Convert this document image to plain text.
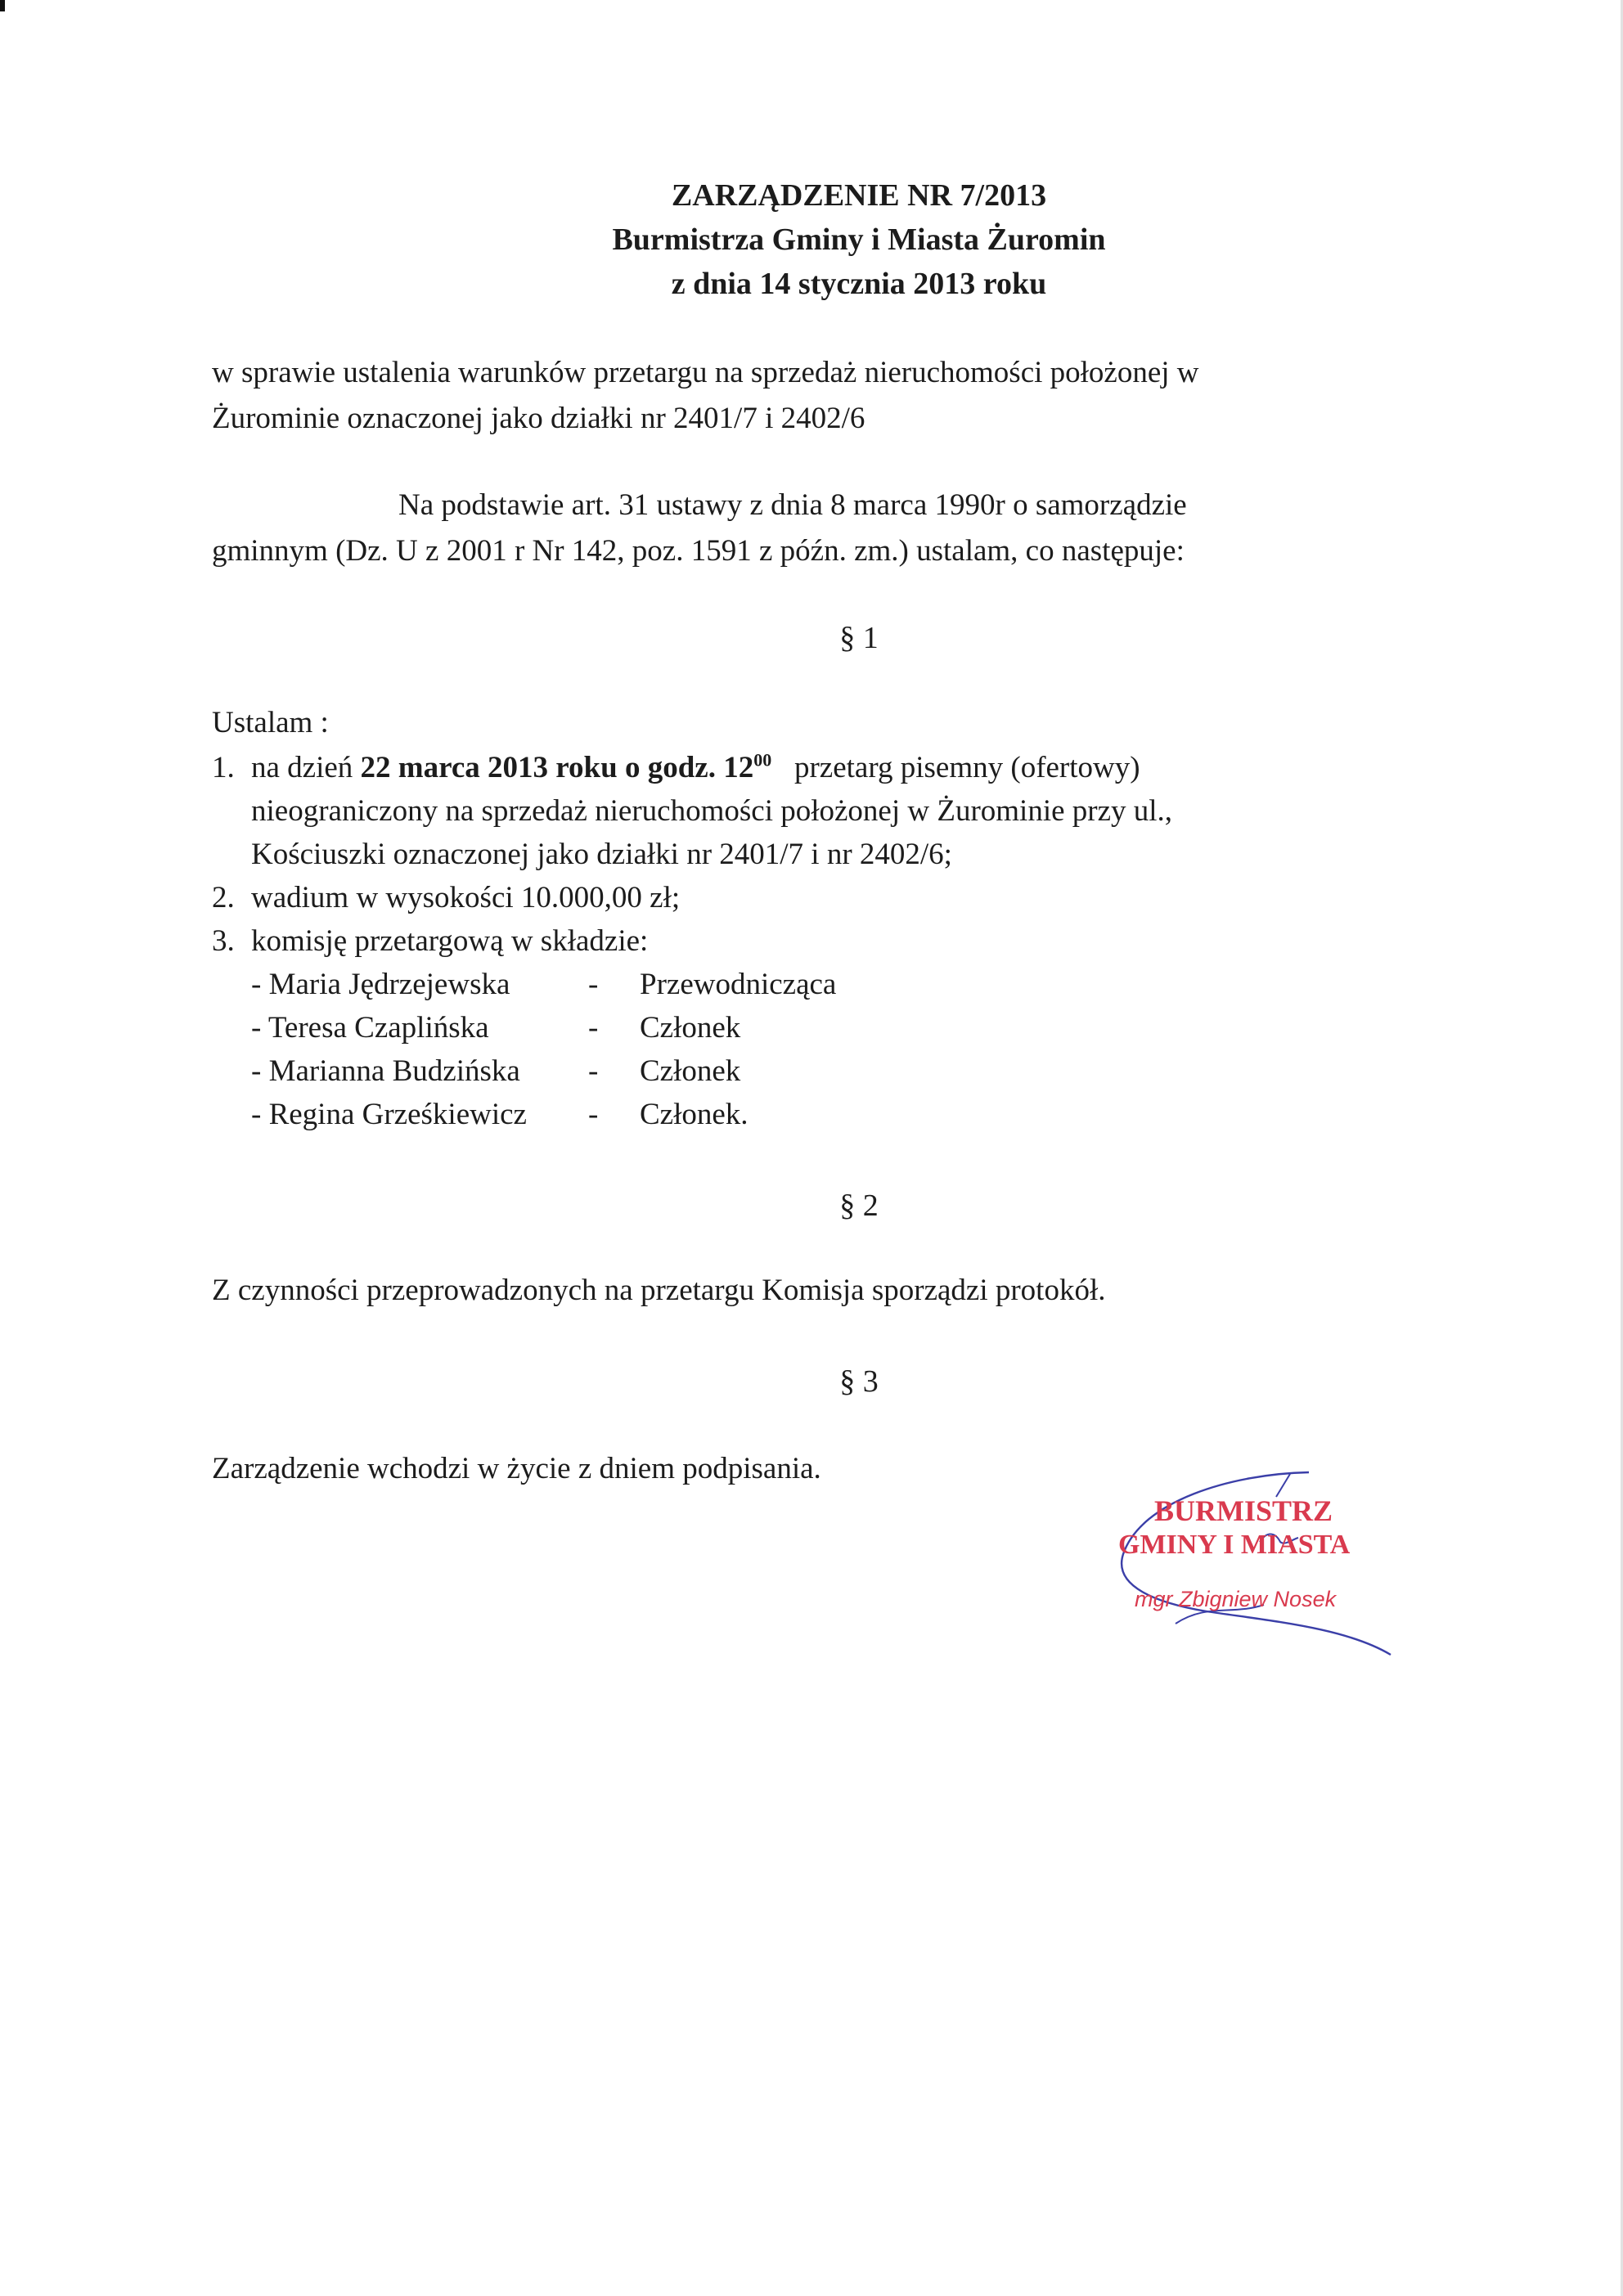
ZARZĄDZENIE NR 7/2013
Burmistrza Gminy i Miasta Żuromin
z dnia 14 stycznia 2013 roku
w sprawie ustalenia warunków przetargu na sprzedaż nieruchomości położonej w
Żurominie oznaczonej jako działki nr 2401/7 i 2402/6
Na podstawie art. 31 ustawy z dnia 8 marca 1990r o samorządzie
gminnym (Dz. U z 2001 r Nr 142, poz. 1591 z późn. zm.) ustalam, co następuje:
§ 1
Ustalam :
1. na dzień 22 marca 2013 roku o godz. $12^{00}$   przetarg pisemny (ofertowy)
nieograniczony na sprzedaż nieruchomości położonej w Żurominie przy ul.,
Kościuszki oznaczonej jako działki nr 2401/7 i nr 2402/6;
2. wadium w wysokości 10.000,00 zł;
3. komisję przetargową w składzie:
- Maria Jędrzejewska	-	Przewodnicząca
- Teresa Czaplińska	-	Członek
- Marianna Budzińska	-	Członek
- Regina Grześkiewicz	-	Członek.
§ 2
Z czynności przeprowadzonych na przetargu Komisja sporządzi protokół.
§ 3
Zarządzenie wchodzi w życie z dniem podpisania.
BURMISTRZ
GMINY I MIASTA
mgr Zbigniew Nosek
